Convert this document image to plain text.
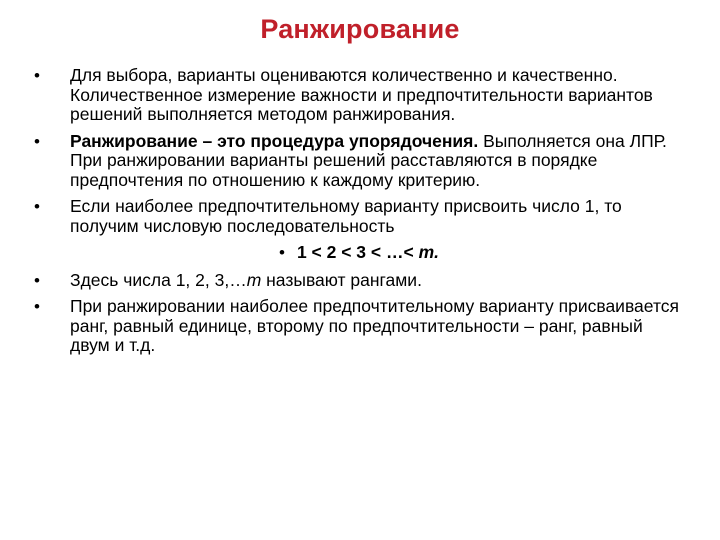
Ранжирование
• Для выбора, варианты оцениваются количественно и качественно. Количественное измерение важности и предпочтительности вариантов решений выполняется методом ранжирования.
• Ранжирование – это процедура упорядочения. Выполняется она ЛПР. При ранжировании варианты решений расставляются в порядке предпочтения по отношению к каждому критерию.
• Если наиболее предпочтительному варианту присвоить число 1, то получим числовую последовательность
• 1 < 2 < 3 < …< m.
• Здесь числа 1, 2, 3,…m называют рангами.
• При ранжировании наиболее предпочтительному варианту присваивается ранг, равный единице, второму по предпочтительности – ранг, равный двум и т.д.
